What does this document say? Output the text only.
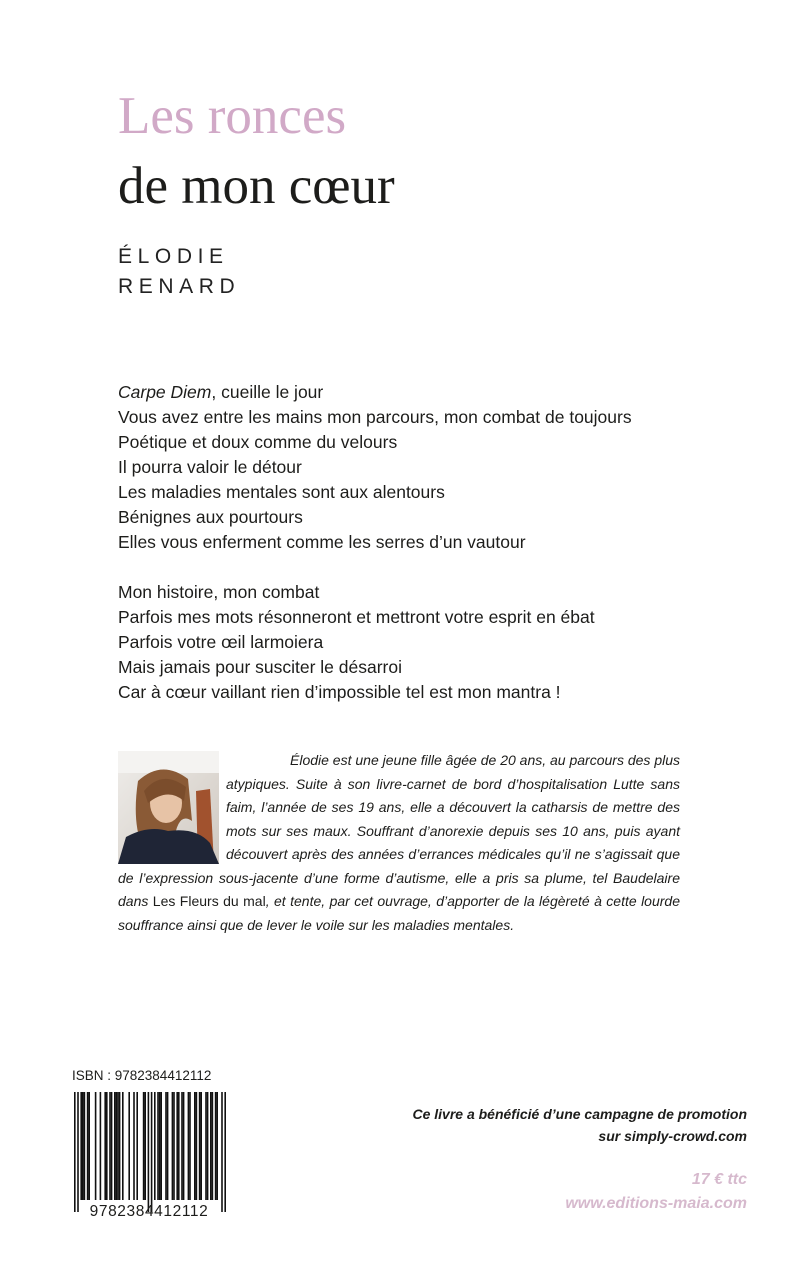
Les ronces
de mon cœur
ÉLODIE
RENARD
Carpe Diem, cueille le jour
Vous avez entre les mains mon parcours, mon combat de toujours
Poétique et doux comme du velours
Il pourra valoir le détour
Les maladies mentales sont aux alentours
Bénignes aux pourtours
Elles vous enferment comme les serres d’un vautour
Mon histoire, mon combat
Parfois mes mots résonneront et mettront votre esprit en ébat
Parfois votre œil larmoiera
Mais jamais pour susciter le désarroi
Car à cœur vaillant rien d’impossible tel est mon mantra !
Élodie est une jeune fille âgée de 20 ans, au parcours des plus atypiques. Suite à son livre-carnet de bord d’hospitalisation Lutte sans faim, l’année de ses 19 ans, elle a découvert la catharsis de mettre des mots sur ses maux. Souffrant d’anorexie depuis ses 10 ans, puis ayant découvert après des années d’errances médicales qu’il ne s’agissait que de l’expression sous-jacente d’une forme d’autisme, elle a pris sa plume, tel Baudelaire dans Les Fleurs du mal, et tente, par cet ouvrage, d’apporter de la légèreté à cette lourde souffrance ainsi que de lever le voile sur les maladies mentales.
ISBN : 9782384412112
9782384412112
Ce livre a bénéficié d’une campagne de promotion
sur simply-crowd.com
17 € ttc
www.editions-maia.com
